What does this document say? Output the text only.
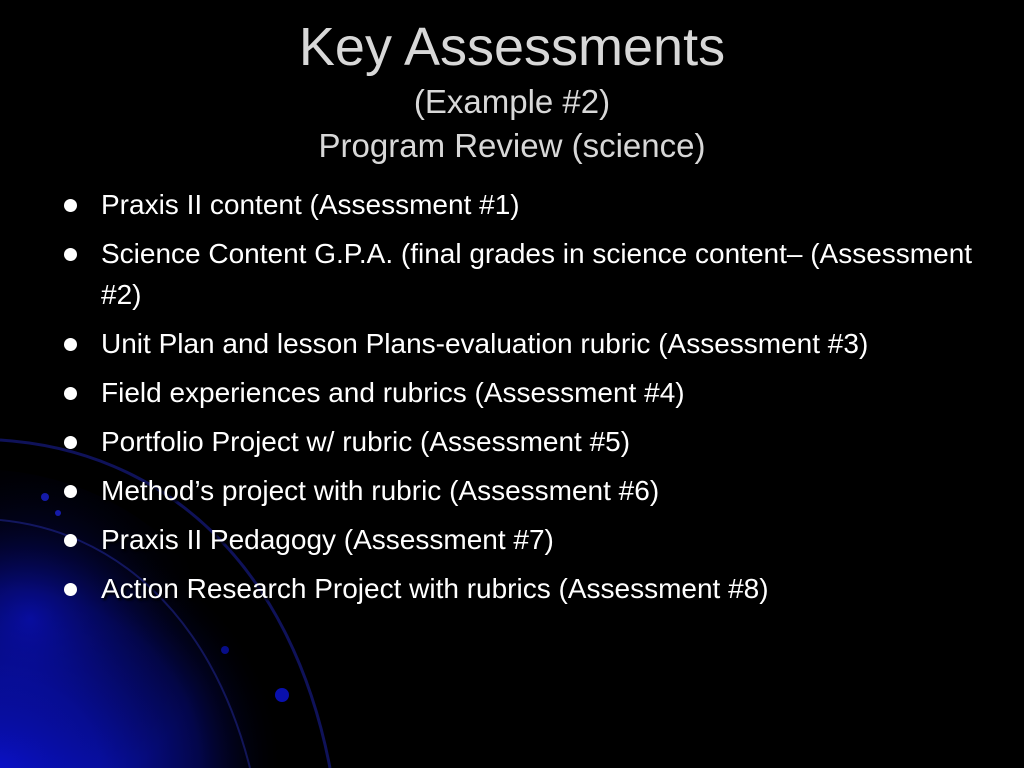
Key Assessments
(Example #2)
Program Review (science)
Praxis II content (Assessment #1)
Science Content G.P.A. (final grades in science content– (Assessment #2)
Unit Plan and lesson Plans-evaluation rubric (Assessment #3)
Field experiences and rubrics (Assessment #4)
Portfolio Project w/ rubric (Assessment #5)
Method’s project with rubric (Assessment #6)
Praxis II Pedagogy (Assessment #7)
Action Research Project with rubrics (Assessment #8)
